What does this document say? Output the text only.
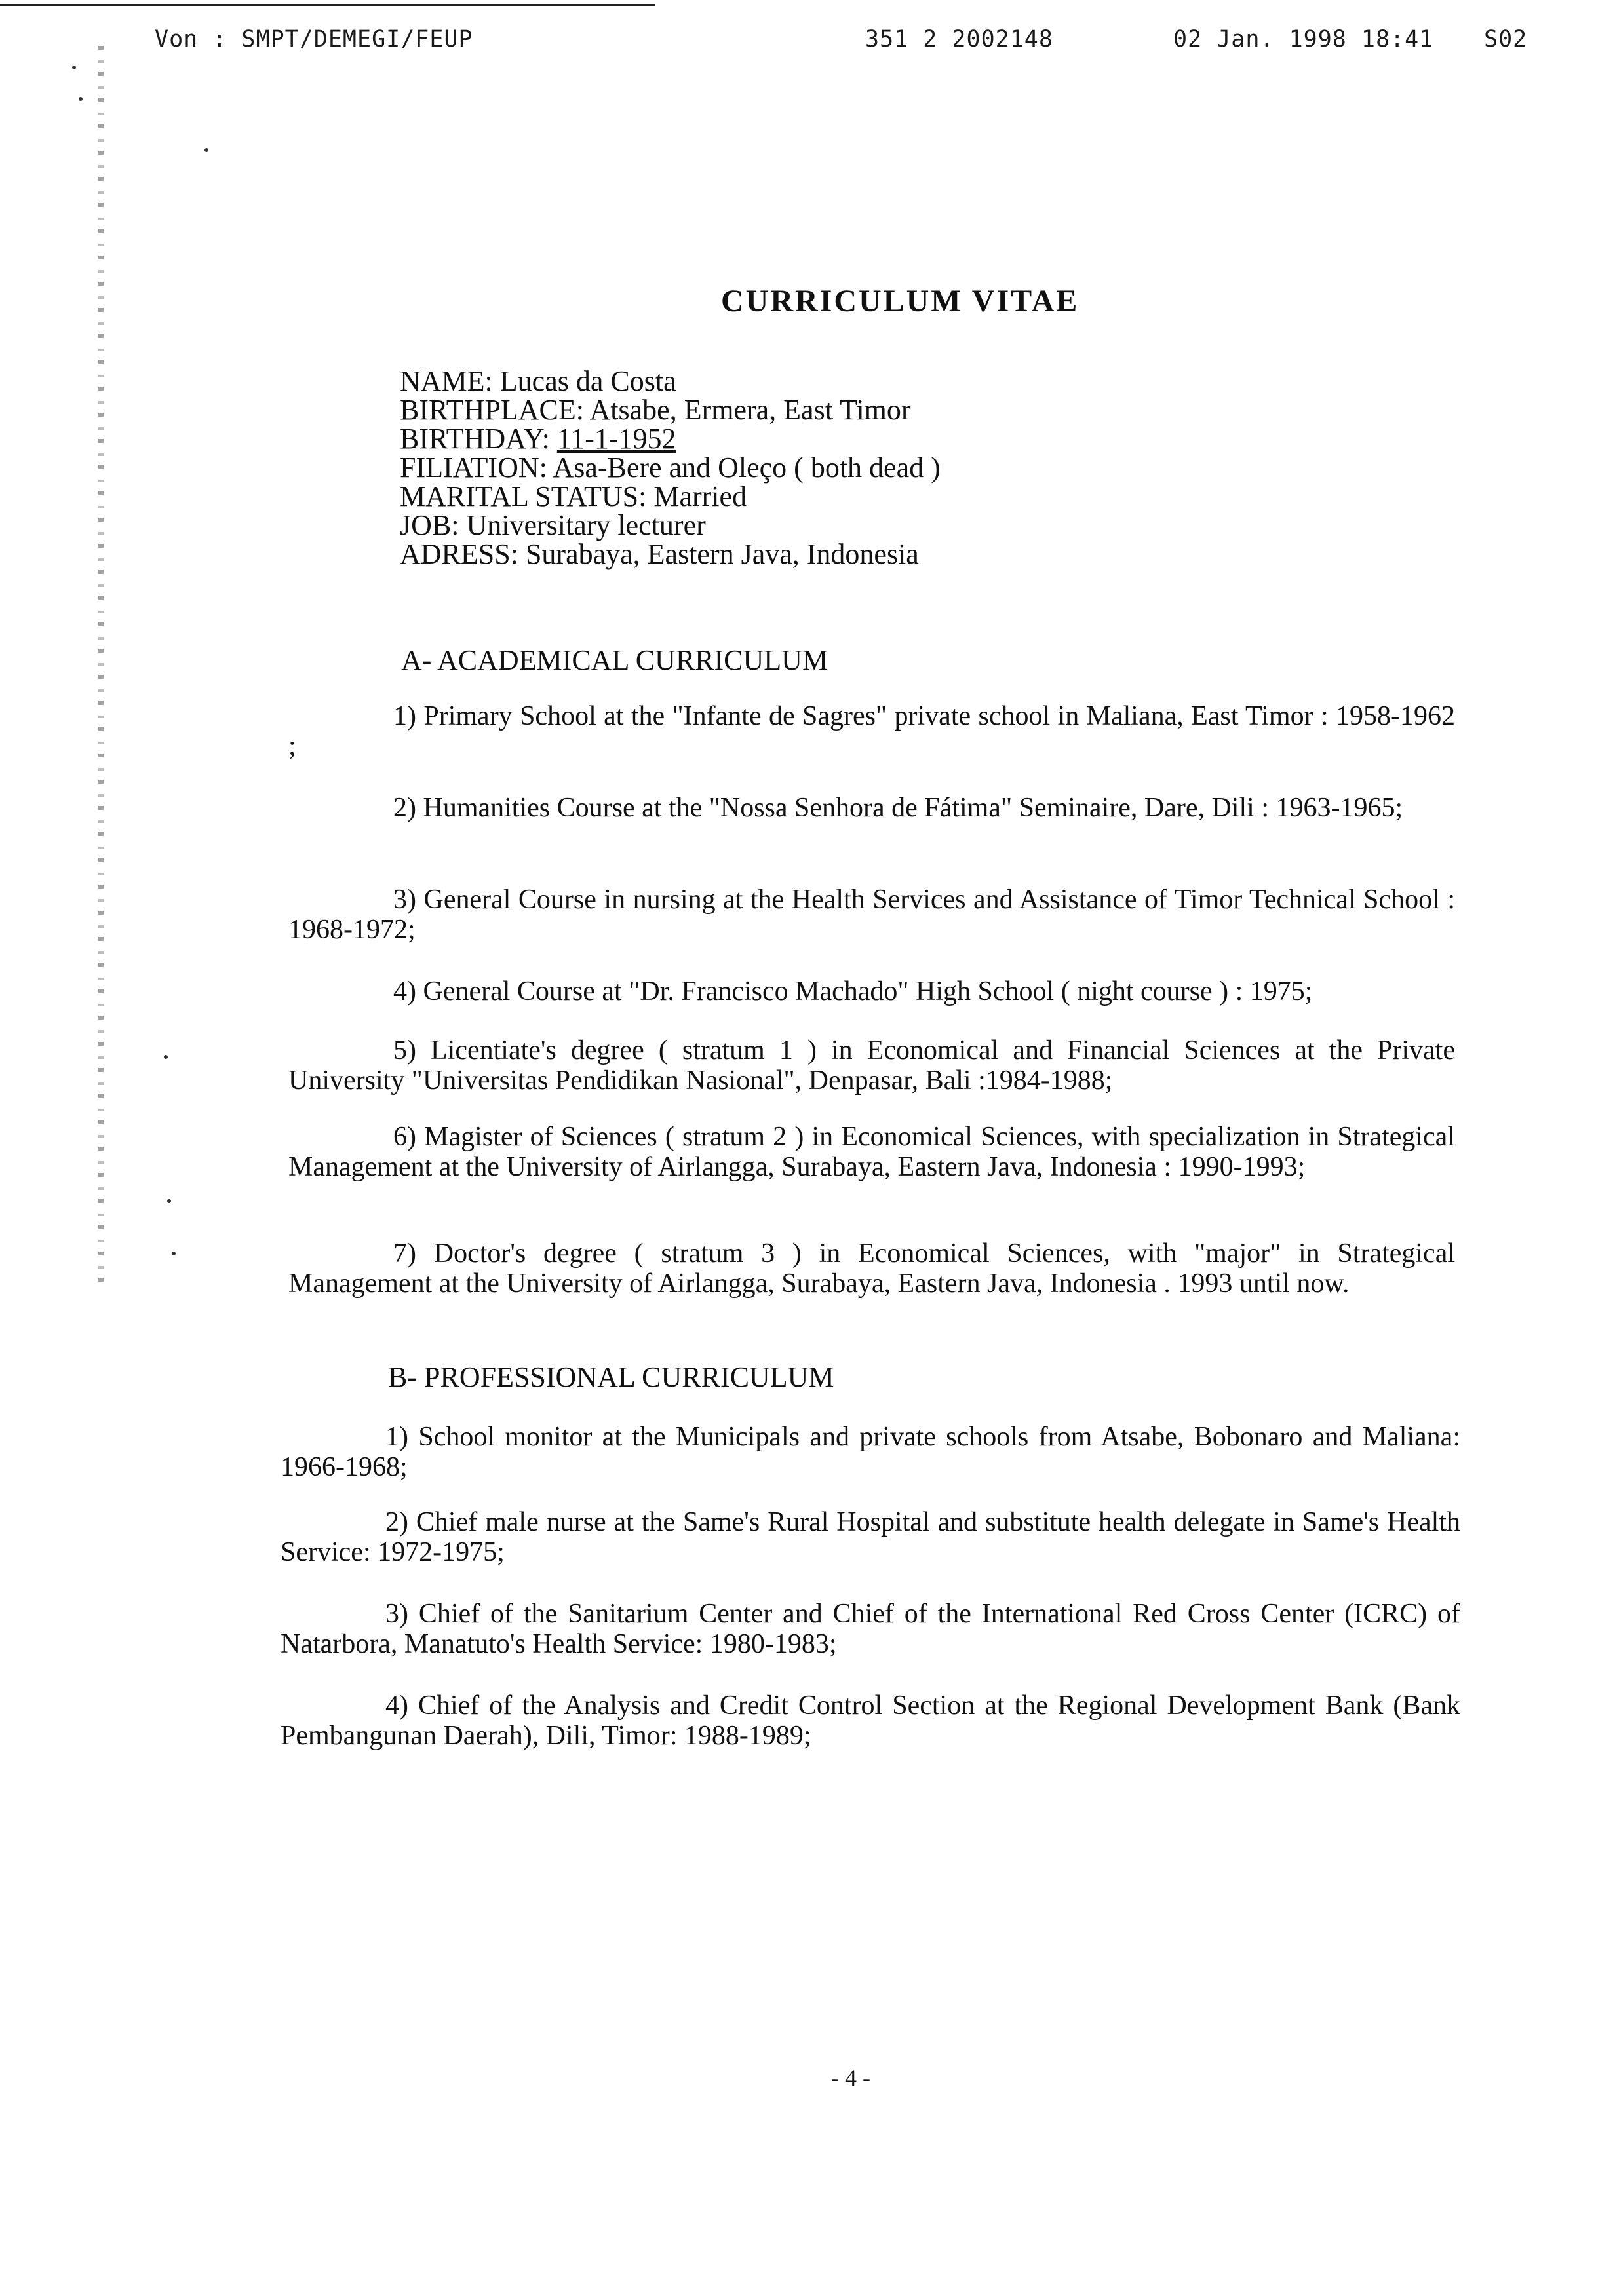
Von : SMPT/DEMEGI/FEUP	351 2 2002148	02 Jan. 1998 18:41 S02
CURRICULUM VITAE
NAME: Lucas da Costa
BIRTHPLACE: Atsabe, Ermera, East Timor
BIRTHDAY: 11-1-1952
FILIATION: Asa-Bere and Oleço ( both dead )
MARITAL STATUS: Married
JOB: Universitary lecturer
ADRESS: Surabaya, Eastern Java, Indonesia
A- ACADEMICAL CURRICULUM

1) Primary School at the "Infante de Sagres" private school in Maliana, East Timor : 1958-1962 ;

2) Humanities Course at the "Nossa Senhora de Fátima" Seminaire, Dare, Dili : 1963-1965;

3) General Course in nursing at the Health Services and Assistance of Timor Technical School : 1968-1972;

4) General Course at "Dr. Francisco Machado" High School ( night course ) : 1975;

5) Licentiate's degree ( stratum 1 ) in Economical and Financial Sciences at the Private University "Universitas Pendidikan Nasional", Denpasar, Bali :1984-1988;

6) Magister of Sciences ( stratum 2 ) in Economical Sciences, with specialization in Strategical Management at the University of Airlangga, Surabaya, Eastern Java, Indonesia : 1990-1993;

7) Doctor's degree ( stratum 3 ) in Economical Sciences, with "major" in Strategical Management at the University of Airlangga, Surabaya, Eastern Java, Indonesia . 1993 until now.

B- PROFESSIONAL CURRICULUM

1) School monitor at the Municipals and private schools from Atsabe, Bobonaro and Maliana: 1966-1968;

2) Chief male nurse at the Same's Rural Hospital and substitute health delegate in Same's Health Service: 1972-1975;

3) Chief of the Sanitarium Center and Chief of the International Red Cross Center (ICRC) of Natarbora, Manatuto's Health Service: 1980-1983;

4) Chief of the Analysis and Credit Control Section at the Regional Development Bank (Bank Pembangunan Daerah), Dili, Timor: 1988-1989;

- 4 -
